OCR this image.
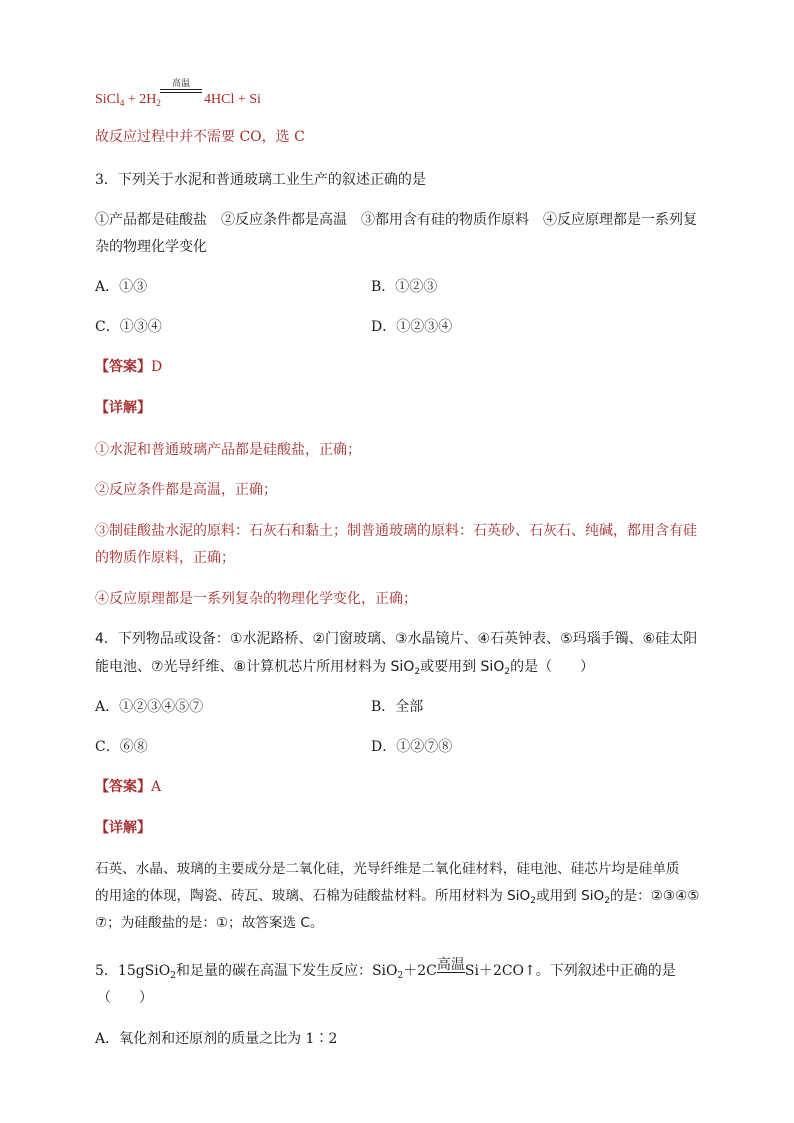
高温
SiCl$_4$ + $2H_2$	4HCl + Si
故反应过程中并不需要 CO，选 C
3．下列关于水泥和普通玻璃工业生产的叙述正确的是
①产品都是硅酸盐　②反应条件都是高温　③都用含有硅的物质作原料　④反应原理都是一系列复
杂的物理化学变化
A．①③	B．①②③
C．①③④	D．①②③④
【答案】D
【详解】
①水泥和普通玻璃产品都是硅酸盐，正确；
②反应条件都是高温，正确；
③制硅酸盐水泥的原料：石灰石和黏土；制普通玻璃的原料：石英砂、石灰石、纯碱，都用含有硅
的物质作原料，正确；
④反应原理都是一系列复杂的物理化学变化，正确；
4．下列物品或设备：①水泥路桥、②门窗玻璃、③水晶镜片、④石英钟表、⑤玛瑙手镯、⑥硅太阳
能电池、⑦光导纤维、⑧计算机芯片所用材料为 SiO$_2$或要用到 SiO$_2$的是（　　）
A．①②③④⑤⑦	B．全部
C．⑥⑧	D．①②⑦⑧
【答案】A
【详解】
石英、水晶、玻璃的主要成分是二氧化硅，光导纤维是二氧化硅材料，硅电池、硅芯片均是硅单质
的用途的体现，陶瓷、砖瓦、玻璃、石棉为硅酸盐材料。所用材料为 SiO$_2$或用到 SiO$_2$的是：②③④⑤
⑦；为硅酸盐的是：①；故答案选 C。
5．15gSiO$_2$和足量的碳在高温下发生反应：SiO$_2$＋2C高温Si＋2CO↑。下列叙述中正确的是
（　　）
A．氧化剂和还原剂的质量之比为 1∶2
